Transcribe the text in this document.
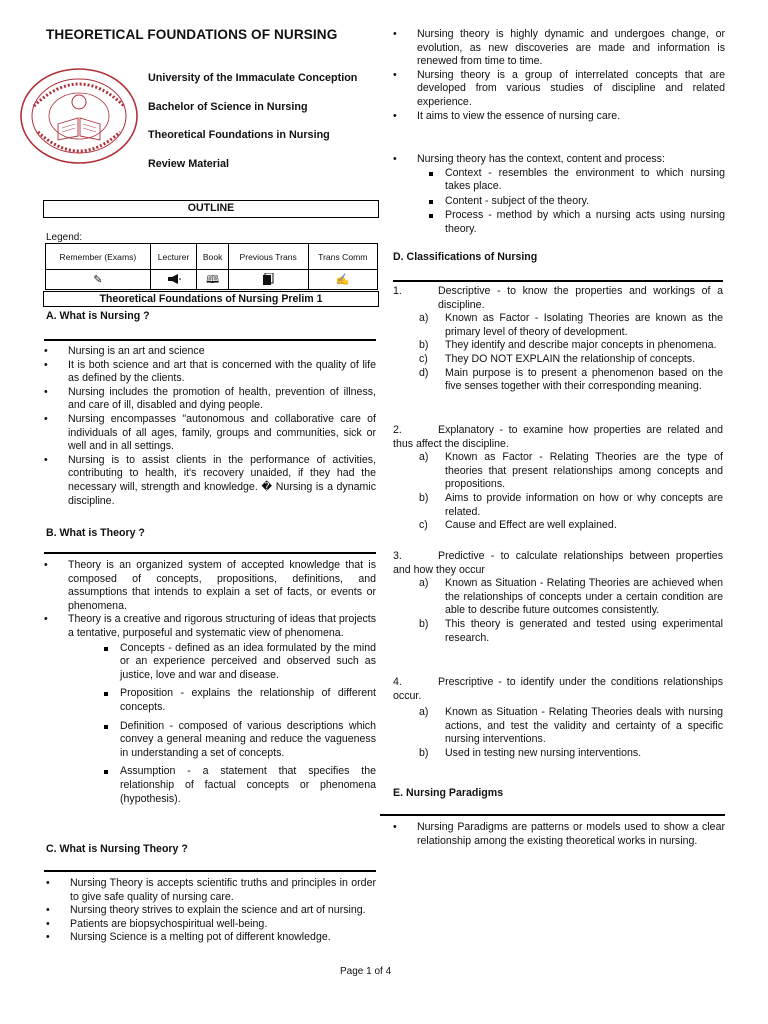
THEORETICAL FOUNDATIONS OF NURSING
University of the Immaculate Conception
Bachelor of Science in Nursing
Theoretical Foundations in Nursing
Review Material
OUTLINE
Legend:
Remember (Exams)	Lecturer	Book	Previous Trans	Trans Comm
✎		🕮		✍
Theoretical Foundations of Nursing Prelim 1
A. What is Nursing ?
• Nursing is an art and science
• It is both science and art that is concerned with the quality of life as defined by the clients.
• Nursing includes the promotion of health, prevention of illness, and care of ill, disabled and dying people.
• Nursing encompasses "autonomous and collaborative care of individuals of all ages, family, groups and communities, sick or well and in all settings.
• Nursing is to assist clients in the performance of activities, contributing to health, it's recovery unaided, if they had the necessary will, strength and knowledge. � Nursing is a dynamic discipline.
B. What is Theory ?
• Theory is an organized system of accepted knowledge that is composed of concepts, propositions, definitions, and assumptions that intends to explain a set of facts, or events or phenomena.
• Theory is a creative and rigorous structuring of ideas that projects a tentative, purposeful and systematic view of phenomena.
Concepts - defined as an idea formulated by the mind or an experience perceived and observed such as justice, love and war and disease.
Proposition - explains the relationship of different concepts.
Definition - composed of various descriptions which convey a general meaning and reduce the vagueness in understanding a set of concepts.
Assumption - a statement that specifies the relationship of factual concepts or phenomena (hypothesis).
C. What is Nursing Theory ?
• Nursing Theory is accepts scientific truths and principles in order to give safe quality of nursing care.
• Nursing theory strives to explain the science and art of nursing.
• Patients are biopsychospiritual well-being.
• Nursing Science is a melting pot of different knowledge.
• Nursing theory is highly dynamic and undergoes change, or evolution, as new discoveries are made and information is renewed from time to time.
• Nursing theory is a group of interrelated concepts that are developed from various studies of discipline and related experience.
• It aims to view the essence of nursing care.
• Nursing theory has the context, content and process:
Context - resembles the environment to which nursing takes place.
Content - subject of the theory.
Process - method by which a nursing acts using nursing theory.
D. Classifications of Nursing
1.	Descriptive - to know the properties and workings of a discipline.
a) Known as Factor - Isolating Theories are known as the primary level of theory of development.
b) They identify and describe major concepts in phenomena.
c) They DO NOT EXPLAIN the relationship of concepts.
d) Main purpose is to present a phenomenon based on the five senses together with their corresponding meaning.
2.	Explanatory - to examine how properties are related and thus affect the discipline.
a) Known as Factor - Relating Theories are the type of theories that present relationships among concepts and propositions.
b) Aims to provide information on how or why concepts are related.
c) Cause and Effect are well explained.
3.	Predictive - to calculate relationships between properties and how they occur
a) Known as Situation - Relating Theories are achieved when the relationships of concepts under a certain condition are able to describe future outcomes consistently.
b) This theory is generated and tested using experimental research.
4.	Prescriptive - to identify under the conditions relationships occur.
a) Known as Situation - Relating Theories deals with nursing actions, and test the validity and certainty of a specific nursing interventions.
b) Used in testing new nursing interventions.
E. Nursing Paradigms
• Nursing Paradigms are patterns or models used to show a clear relationship among the existing theoretical works in nursing.
Page 1 of 4
